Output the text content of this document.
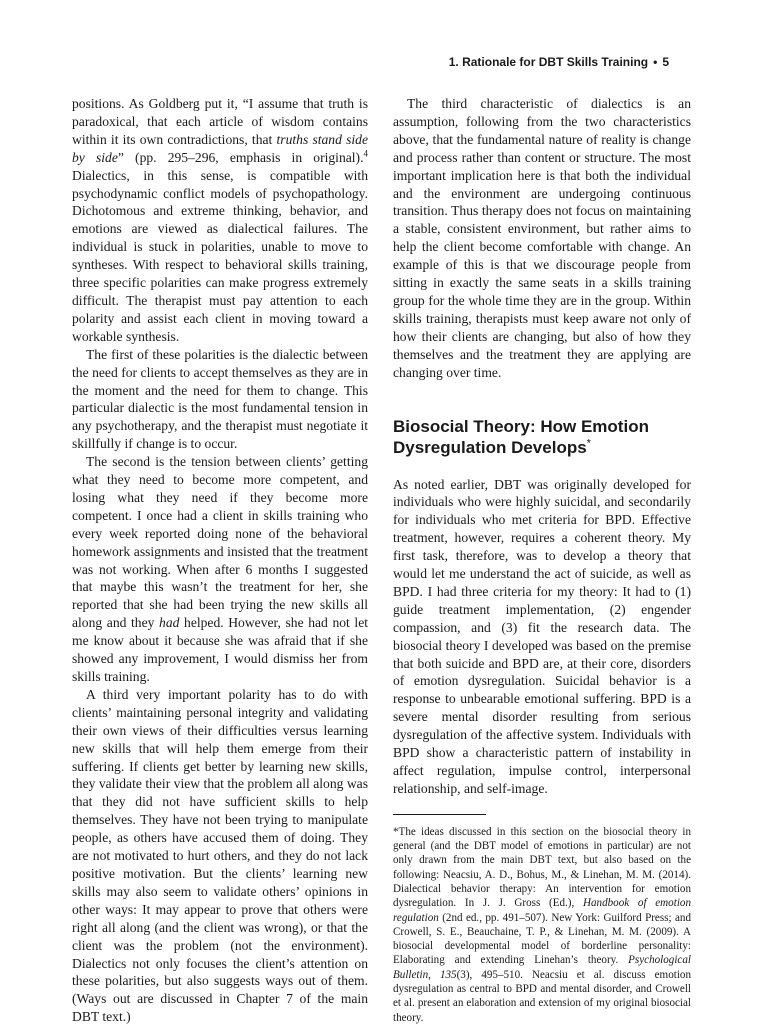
1. Rationale for DBT Skills Training • 5

positions. As Goldberg put it, “I assume that truth is paradoxical, that each article of wisdom contains within it its own contradictions, that truths stand side by side” (pp. 295–296, emphasis in original).$^4$ Dialectics, in this sense, is compatible with psychodynamic conflict models of psychopathology. Dichotomous and extreme thinking, behavior, and emotions are viewed as dialectical failures. The individual is stuck in polarities, unable to move to syntheses. With respect to behavioral skills training, three specific polarities can make progress extremely difficult. The therapist must pay attention to each polarity and assist each client in moving toward a workable synthesis.

The first of these polarities is the dialectic between the need for clients to accept themselves as they are in the moment and the need for them to change. This particular dialectic is the most fundamental tension in any psychotherapy, and the therapist must negotiate it skillfully if change is to occur.

The second is the tension between clients’ getting what they need to become more competent, and losing what they need if they become more competent. I once had a client in skills training who every week reported doing none of the behavioral homework assignments and insisted that the treatment was not working. When after 6 months I suggested that maybe this wasn’t the treatment for her, she reported that she had been trying the new skills all along and they had helped. However, she had not let me know about it because she was afraid that if she showed any improvement, I would dismiss her from skills training.

A third very important polarity has to do with clients’ maintaining personal integrity and validating their own views of their difficulties versus learning new skills that will help them emerge from their suffering. If clients get better by learning new skills, they validate their view that the problem all along was that they did not have sufficient skills to help themselves. They have not been trying to manipulate people, as others have accused them of doing. They are not motivated to hurt others, and they do not lack positive motivation. But the clients’ learning new skills may also seem to validate others’ opinions in other ways: It may appear to prove that others were right all along (and the client was wrong), or that the client was the problem (not the environment). Dialectics not only focuses the client’s attention on these polarities, but also suggests ways out of them. (Ways out are discussed in Chapter 7 of the main DBT text.)

The third characteristic of dialectics is an assumption, following from the two characteristics above, that the fundamental nature of reality is change and process rather than content or structure. The most important implication here is that both the individual and the environment are undergoing continuous transition. Thus therapy does not focus on maintaining a stable, consistent environment, but rather aims to help the client become comfortable with change. An example of this is that we discourage people from sitting in exactly the same seats in a skills training group for the whole time they are in the group. Within skills training, therapists must keep aware not only of how their clients are changing, but also of how they themselves and the treatment they are applying are changing over time.

Biosocial Theory: How Emotion Dysregulation Develops*

As noted earlier, DBT was originally developed for individuals who were highly suicidal, and secondarily for individuals who met criteria for BPD. Effective treatment, however, requires a coherent theory. My first task, therefore, was to develop a theory that would let me understand the act of suicide, as well as BPD. I had three criteria for my theory: It had to (1) guide treatment implementation, (2) engender compassion, and (3) fit the research data. The biosocial theory I developed was based on the premise that both suicide and BPD are, at their core, disorders of emotion dysregulation. Suicidal behavior is a response to unbearable emotional suffering. BPD is a severe mental disorder resulting from serious dysregulation of the affective system. Individuals with BPD show a characteristic pattern of instability in affect regulation, impulse control, interpersonal relationship, and self-image.

*The ideas discussed in this section on the biosocial theory in general (and the DBT model of emotions in particular) are not only drawn from the main DBT text, but also based on the following: Neacsiu, A. D., Bohus, M., & Linehan, M. M. (2014). Dialectical behavior therapy: An intervention for emotion dysregulation. In J. J. Gross (Ed.), Handbook of emotion regulation (2nd ed., pp. 491–507). New York: Guilford Press; and Crowell, S. E., Beauchaine, T. P., & Linehan, M. M. (2009). A biosocial developmental model of borderline personality: Elaborating and extending Linehan’s theory. Psychological Bulletin, 135(3), 495–510. Neacsiu et al. discuss emotion dysregulation as central to BPD and mental disorder, and Crowell et al. present an elaboration and extension of my original biosocial theory.
